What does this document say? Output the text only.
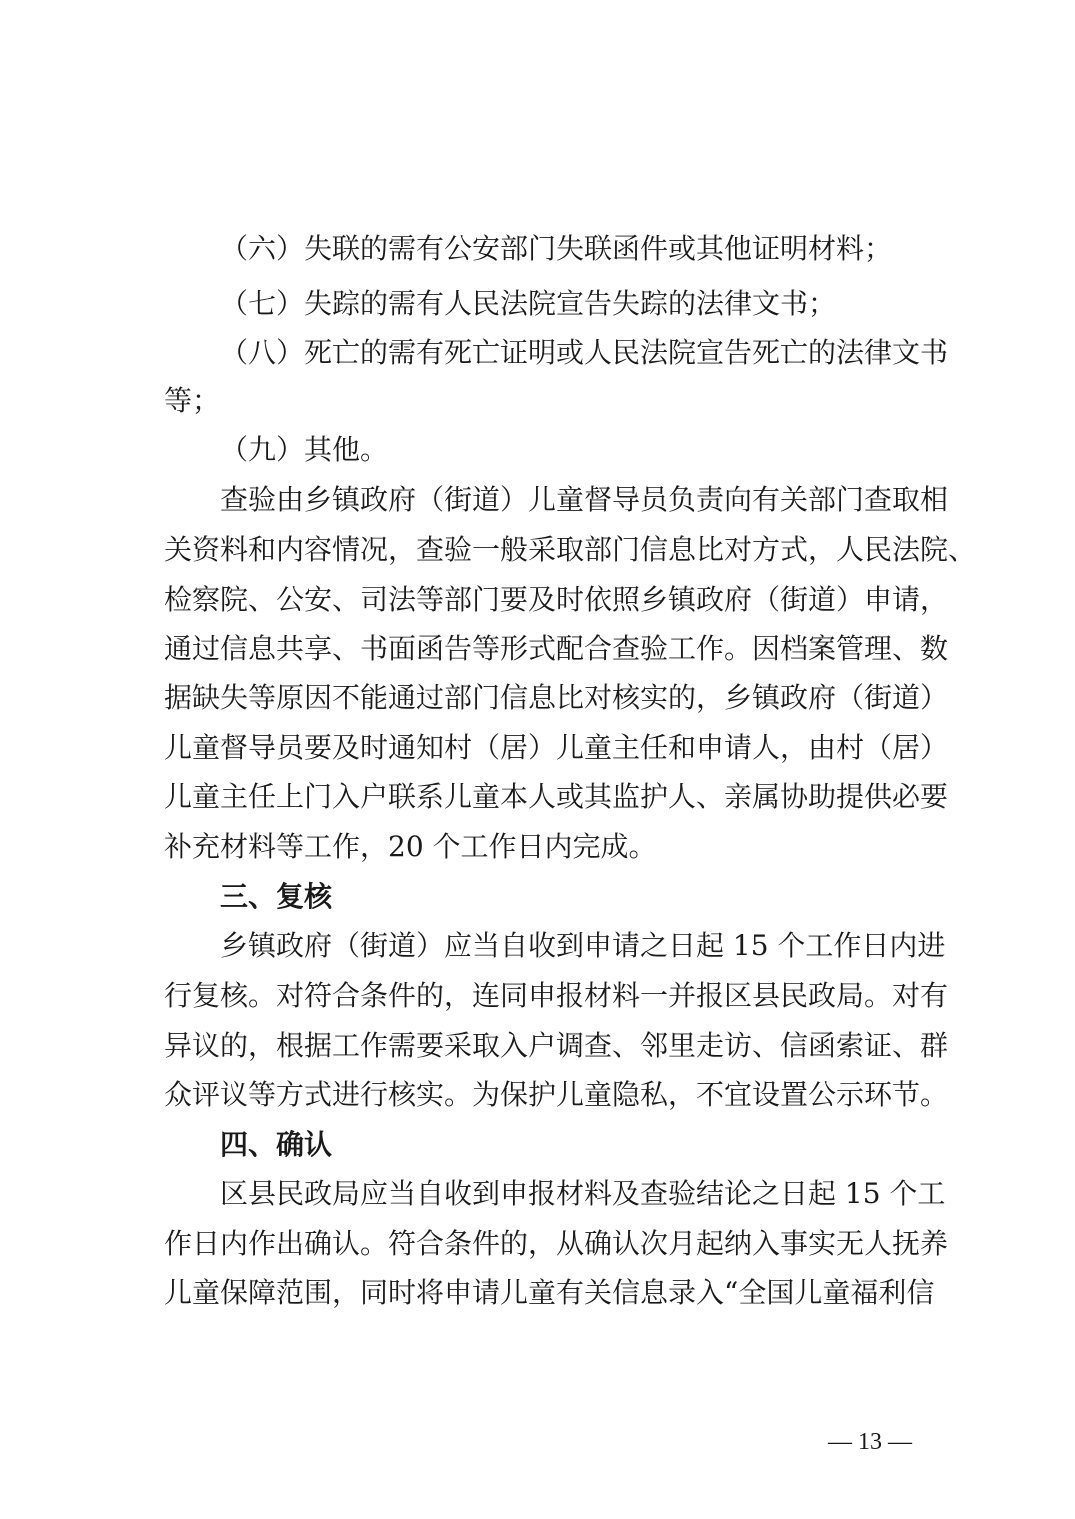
（六）失联的需有公安部门失联函件或其他证明材料；
（七）失踪的需有人民法院宣告失踪的法律文书；
（八）死亡的需有死亡证明或人民法院宣告死亡的法律文书
等；
（九）其他。
查验由乡镇政府（街道）儿童督导员负责向有关部门查取相
关资料和内容情况，查验一般采取部门信息比对方式，人民法院、
检察院、公安、司法等部门要及时依照乡镇政府（街道）申请，
通过信息共享、书面函告等形式配合查验工作。因档案管理、数
据缺失等原因不能通过部门信息比对核实的，乡镇政府（街道）
儿童督导员要及时通知村（居）儿童主任和申请人，由村（居）
儿童主任上门入户联系儿童本人或其监护人、亲属协助提供必要
补充材料等工作，20 个工作日内完成。
三、复核
乡镇政府（街道）应当自收到申请之日起 15 个工作日内进
行复核。对符合条件的，连同申报材料一并报区县民政局。对有
异议的，根据工作需要采取入户调查、邻里走访、信函索证、群
众评议等方式进行核实。为保护儿童隐私，不宜设置公示环节。
四、确认
区县民政局应当自收到申报材料及查验结论之日起 15 个工
作日内作出确认。符合条件的，从确认次月起纳入事实无人抚养
儿童保障范围，同时将申请儿童有关信息录入“全国儿童福利信
— 13 —
